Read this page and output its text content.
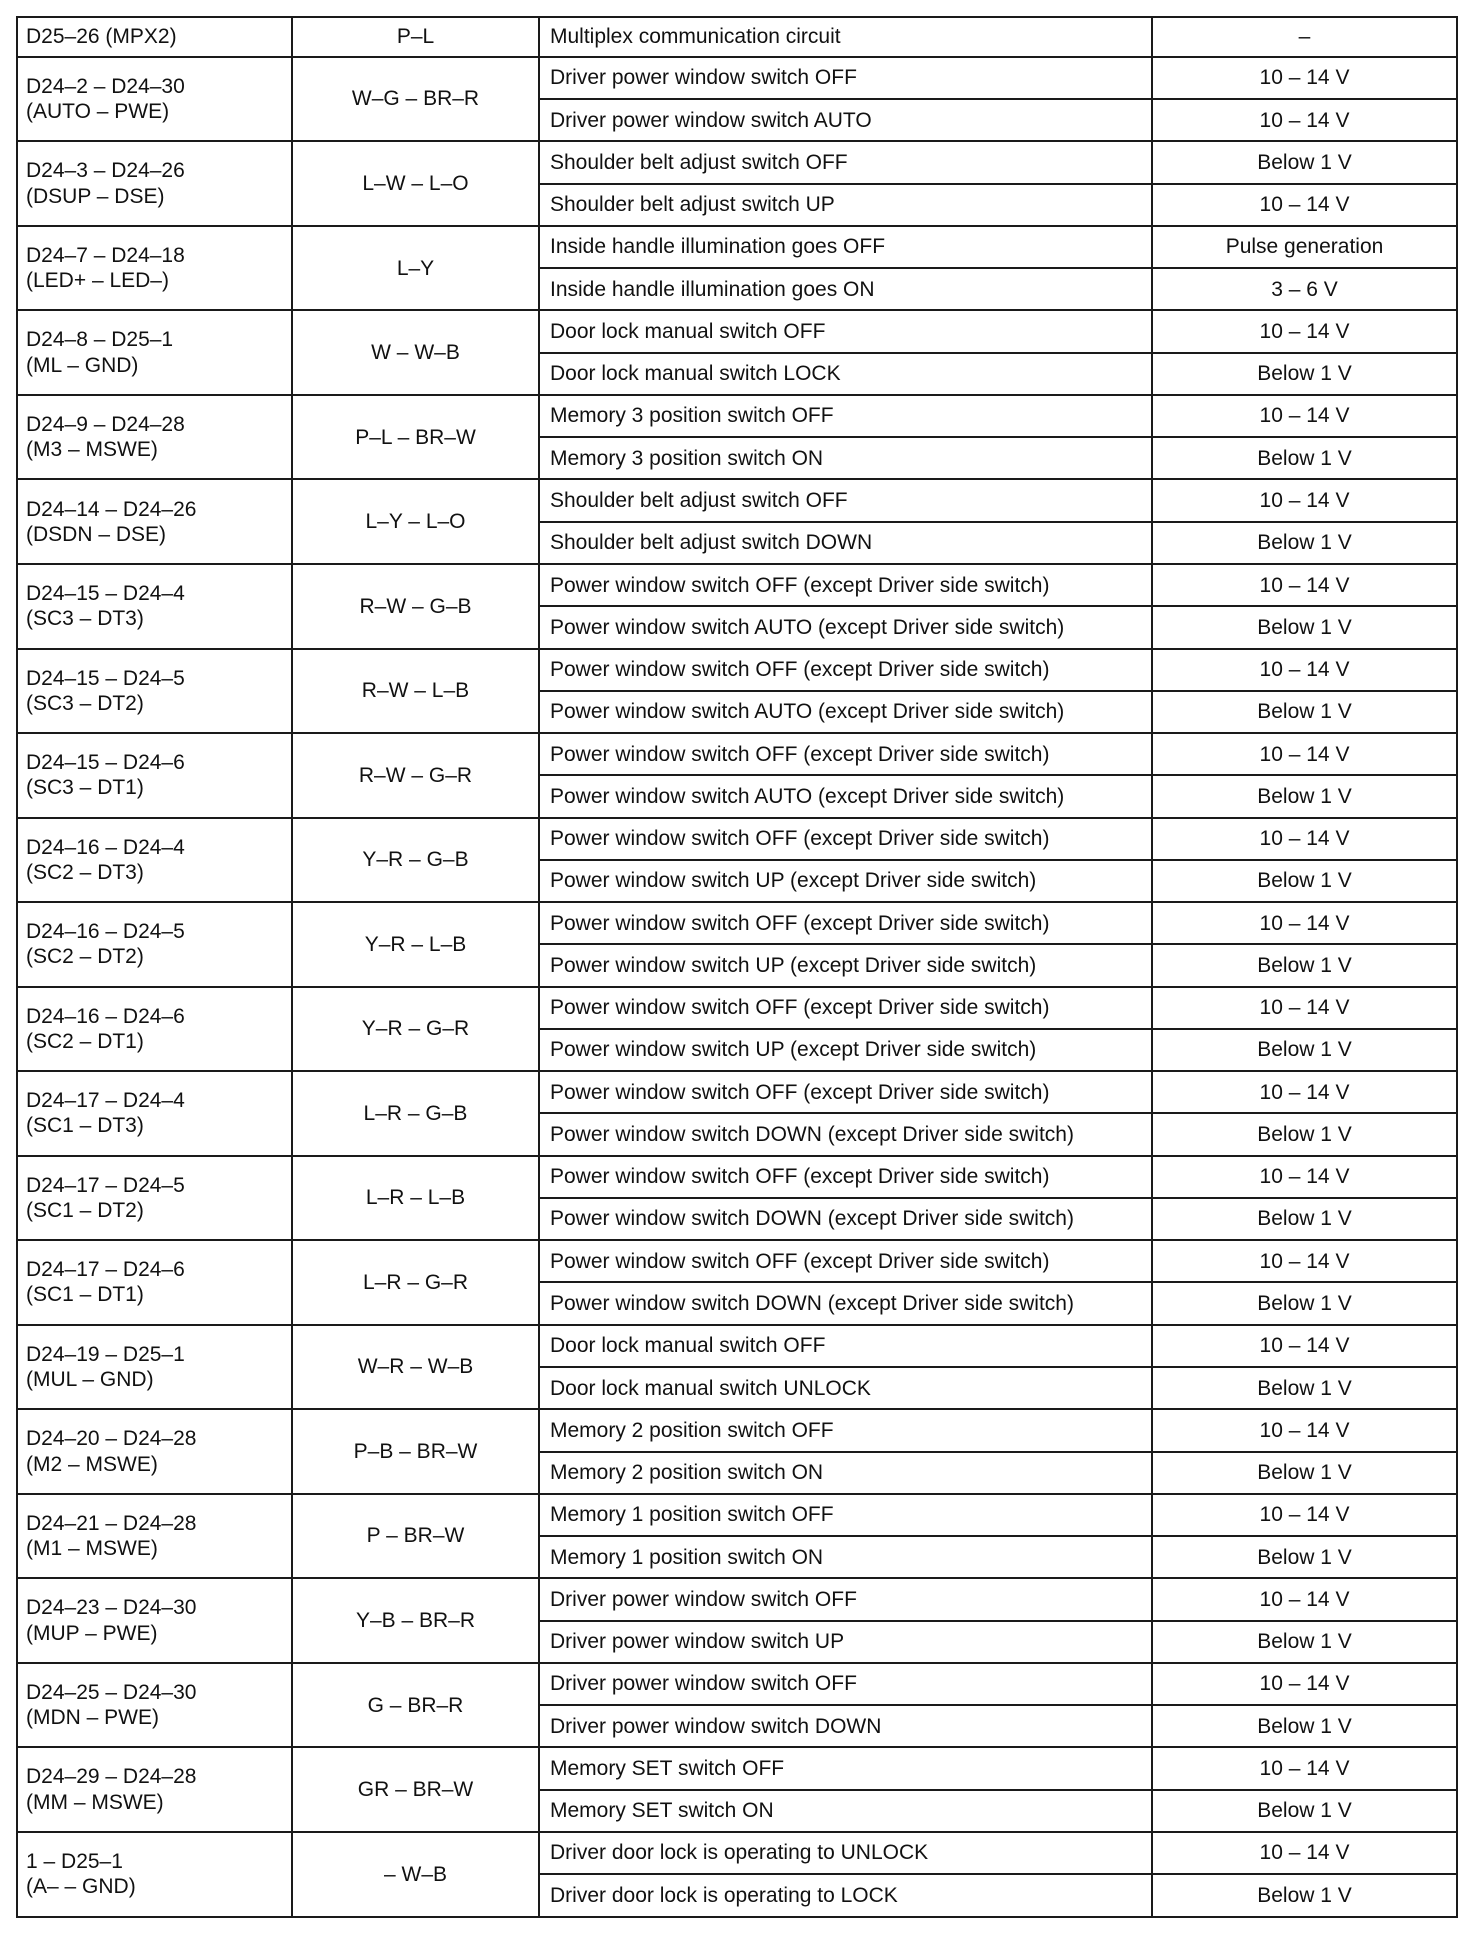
D25–26 (MPX2)	P–L	Multiplex communication circuit	–

D24–2 – D24–30
(AUTO – PWE)	W–G – BR–R	Driver power window switch OFF	10 – 14 V
		Driver power window switch AUTO	10 – 14 V

D24–3 – D24–26
(DSUP – DSE)	L–W – L–O	Shoulder belt adjust switch OFF	Below 1 V
		Shoulder belt adjust switch UP	10 – 14 V

D24–7 – D24–18
(LED+ – LED–)	L–Y	Inside handle illumination goes OFF	Pulse generation
		Inside handle illumination goes ON	3 – 6 V

D24–8 – D25–1
(ML – GND)	W – W–B	Door lock manual switch OFF	10 – 14 V
		Door lock manual switch LOCK	Below 1 V

D24–9 – D24–28
(M3 – MSWE)	P–L – BR–W	Memory 3 position switch OFF	10 – 14 V
		Memory 3 position switch ON	Below 1 V

D24–14 – D24–26
(DSDN – DSE)	L–Y – L–O	Shoulder belt adjust switch OFF	10 – 14 V
		Shoulder belt adjust switch DOWN	Below 1 V

D24–15 – D24–4
(SC3 – DT3)	R–W – G–B	Power window switch OFF (except Driver side switch)	10 – 14 V
		Power window switch AUTO (except Driver side switch)	Below 1 V

D24–15 – D24–5
(SC3 – DT2)	R–W – L–B	Power window switch OFF (except Driver side switch)	10 – 14 V
		Power window switch AUTO (except Driver side switch)	Below 1 V

D24–15 – D24–6
(SC3 – DT1)	R–W – G–R	Power window switch OFF (except Driver side switch)	10 – 14 V
		Power window switch AUTO (except Driver side switch)	Below 1 V

D24–16 – D24–4
(SC2 – DT3)	Y–R – G–B	Power window switch OFF (except Driver side switch)	10 – 14 V
		Power window switch UP (except Driver side switch)	Below 1 V

D24–16 – D24–5
(SC2 – DT2)	Y–R – L–B	Power window switch OFF (except Driver side switch)	10 – 14 V
		Power window switch UP (except Driver side switch)	Below 1 V

D24–16 – D24–6
(SC2 – DT1)	Y–R – G–R	Power window switch OFF (except Driver side switch)	10 – 14 V
		Power window switch UP (except Driver side switch)	Below 1 V

D24–17 – D24–4
(SC1 – DT3)	L–R – G–B	Power window switch OFF (except Driver side switch)	10 – 14 V
		Power window switch DOWN (except Driver side switch)	Below 1 V

D24–17 – D24–5
(SC1 – DT2)	L–R – L–B	Power window switch OFF (except Driver side switch)	10 – 14 V
		Power window switch DOWN (except Driver side switch)	Below 1 V

D24–17 – D24–6
(SC1 – DT1)	L–R – G–R	Power window switch OFF (except Driver side switch)	10 – 14 V
		Power window switch DOWN (except Driver side switch)	Below 1 V

D24–19 – D25–1
(MUL – GND)	W–R – W–B	Door lock manual switch OFF	10 – 14 V
		Door lock manual switch UNLOCK	Below 1 V

D24–20 – D24–28
(M2 – MSWE)	P–B – BR–W	Memory 2 position switch OFF	10 – 14 V
		Memory 2 position switch ON	Below 1 V

D24–21 – D24–28
(M1 – MSWE)	P – BR–W	Memory 1 position switch OFF	10 – 14 V
		Memory 1 position switch ON	Below 1 V

D24–23 – D24–30
(MUP – PWE)	Y–B – BR–R	Driver power window switch OFF	10 – 14 V
		Driver power window switch UP	Below 1 V

D24–25 – D24–30
(MDN – PWE)	G – BR–R	Driver power window switch OFF	10 – 14 V
		Driver power window switch DOWN	Below 1 V

D24–29 – D24–28
(MM – MSWE)	GR – BR–W	Memory SET switch OFF	10 – 14 V
		Memory SET switch ON	Below 1 V

1 – D25–1
(A– – GND)	– W–B	Driver door lock is operating to UNLOCK	10 – 14 V
		Driver door lock is operating to LOCK	Below 1 V
